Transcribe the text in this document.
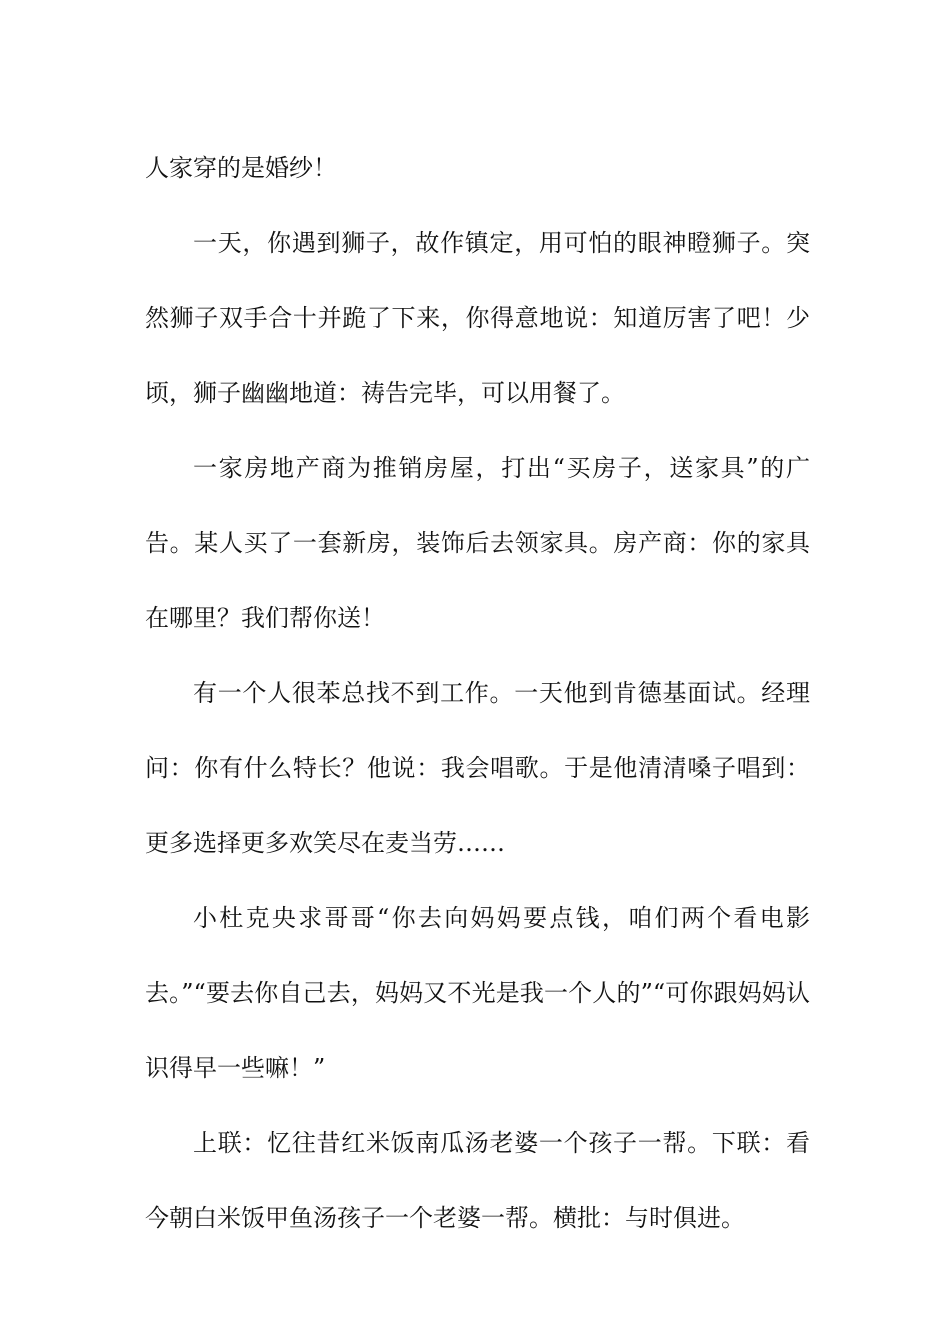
人家穿的是婚纱！

一天，你遇到狮子，故作镇定，用可怕的眼神瞪狮子。突然狮子双手合十并跪了下来，你得意地说：知道厉害了吧！少顷，狮子幽幽地道：祷告完毕，可以用餐了。

一家房地产商为推销房屋，打出“买房子，送家具”的广告。某人买了一套新房，装饰后去领家具。房产商：你的家具在哪里？我们帮你送！

有一个人很苯总找不到工作。一天他到肯德基面试。经理问：你有什么特长？他说：我会唱歌。于是他清清嗓子唱到：更多选择更多欢笑尽在麦当劳……

小杜克央求哥哥“你去向妈妈要点钱，咱们两个看电影去。”“要去你自己去，妈妈又不光是我一个人的”“可你跟妈妈认识得早一些嘛！”

上联：忆往昔红米饭南瓜汤老婆一个孩子一帮。下联：看今朝白米饭甲鱼汤孩子一个老婆一帮。横批：与时俱进。
